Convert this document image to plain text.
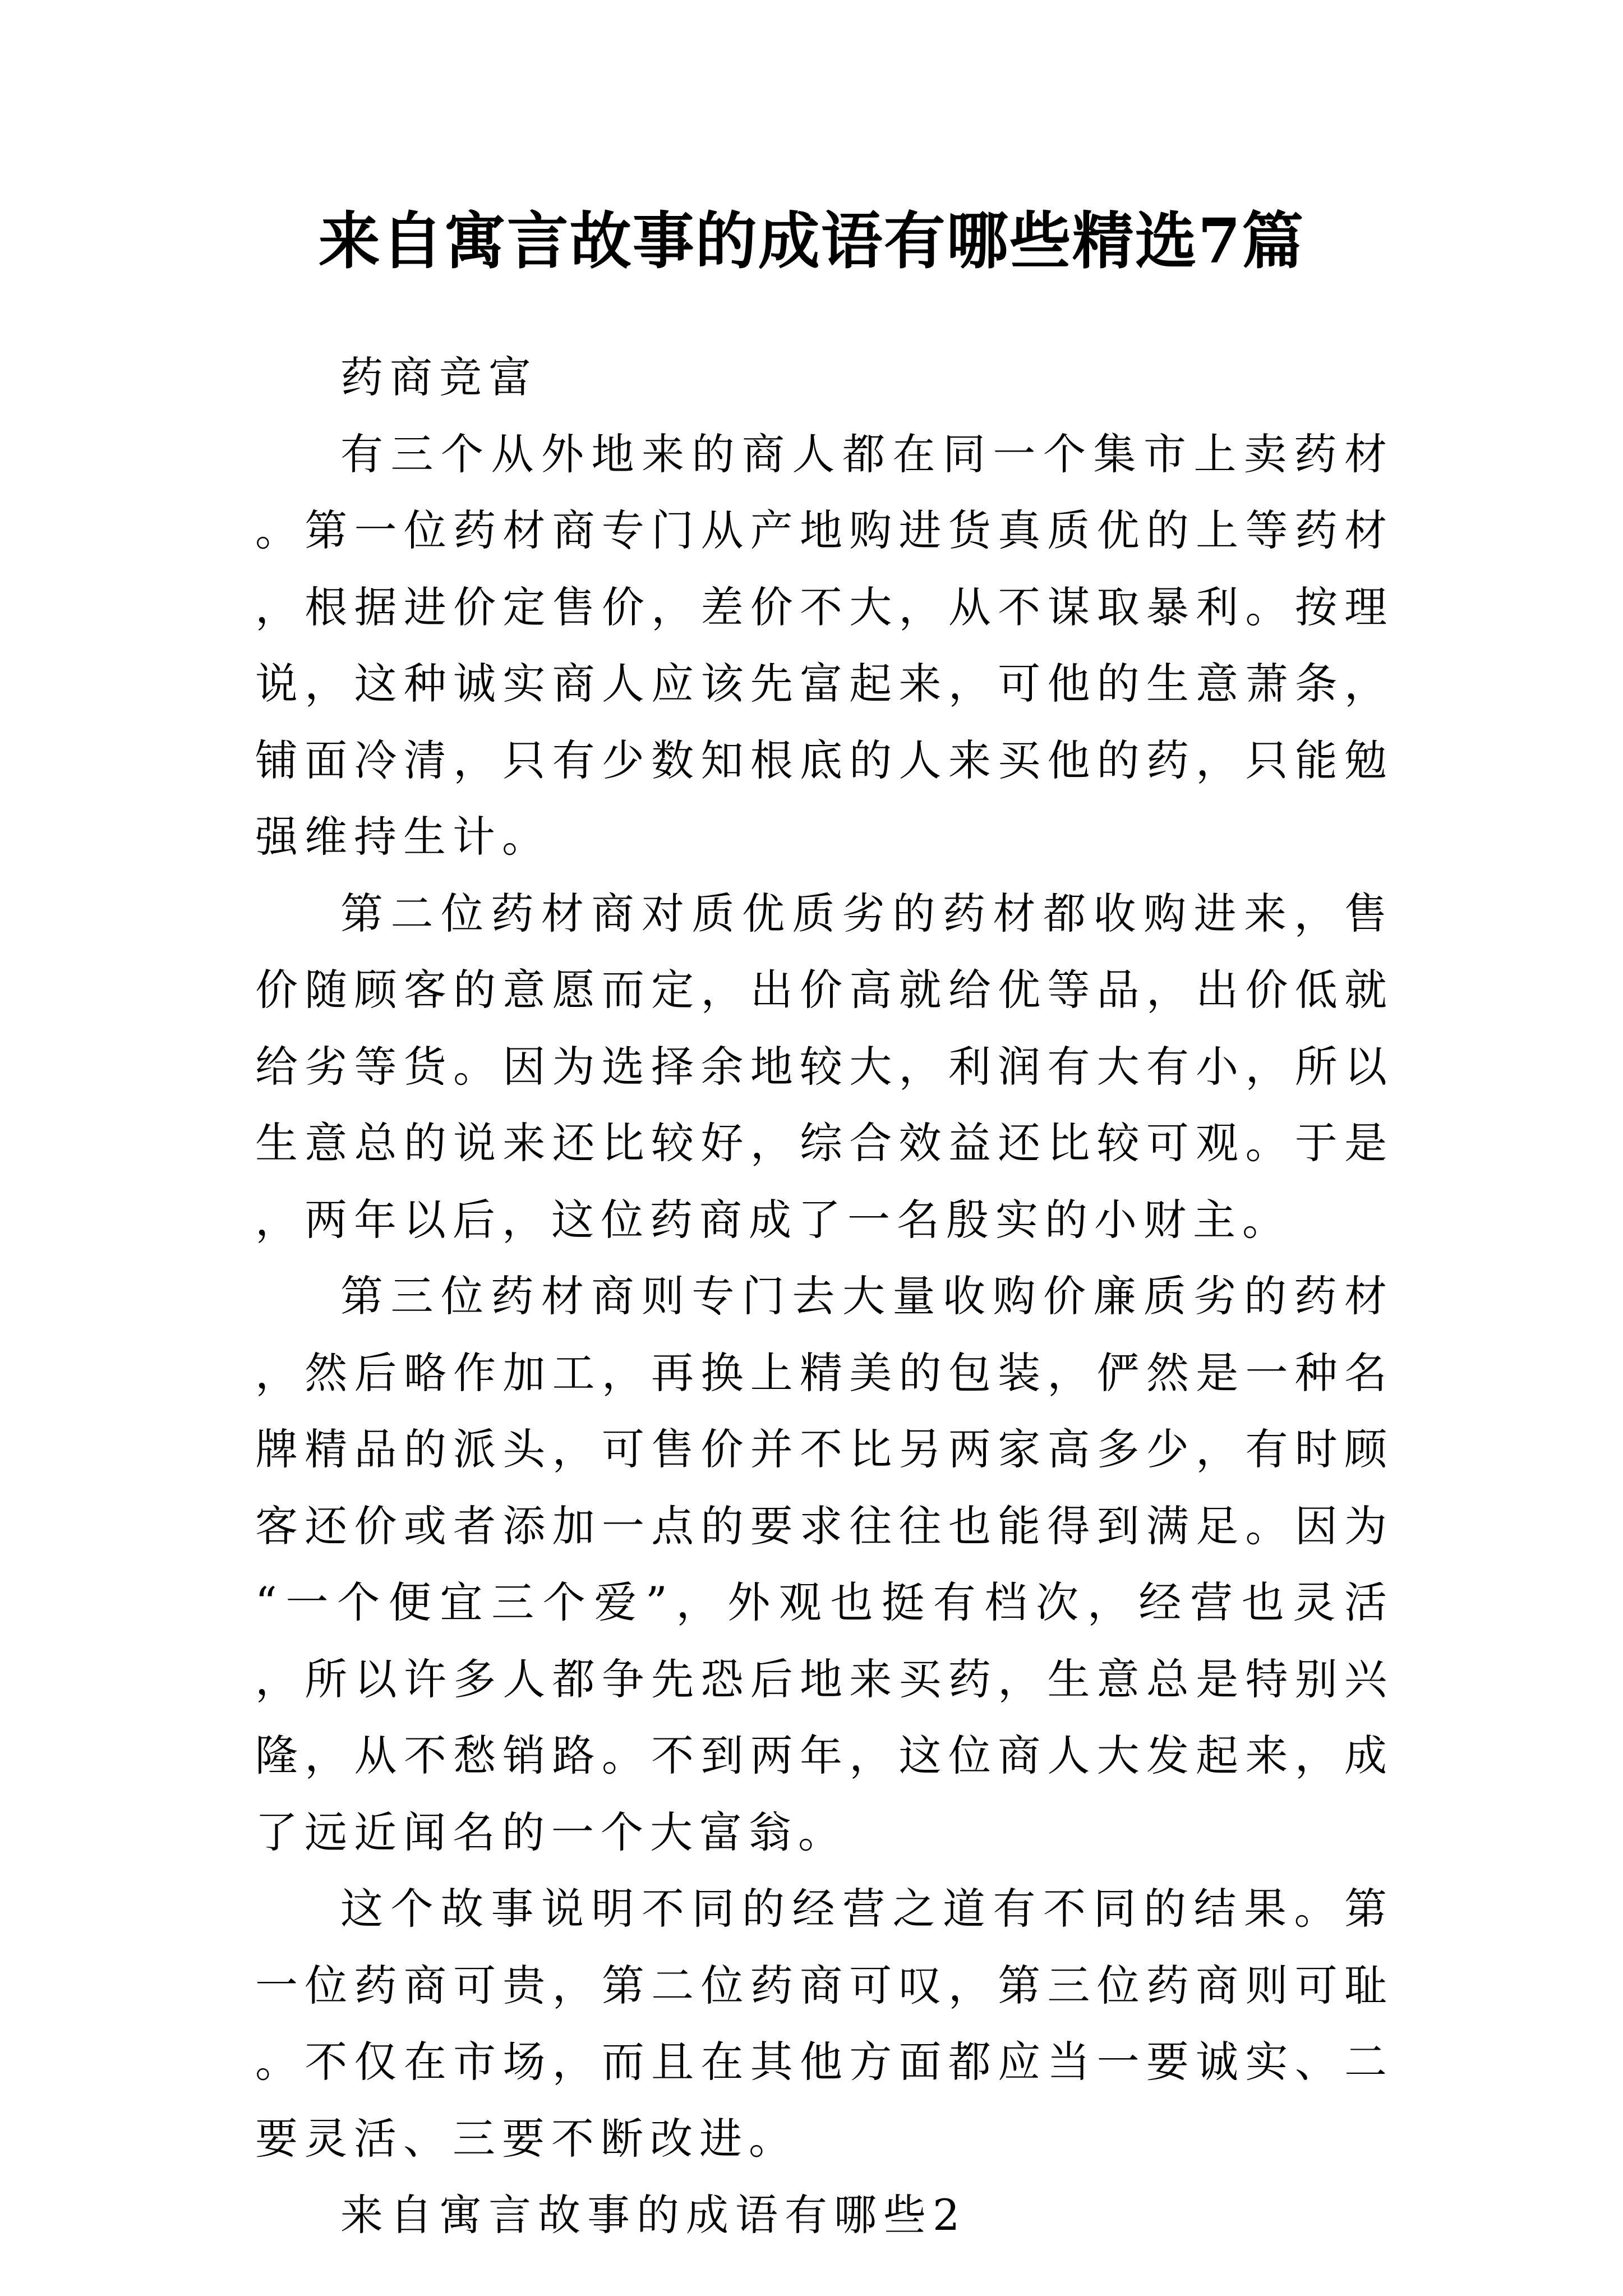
来自寓言故事的成语有哪些精选7篇

药商竞富

有三个从外地来的商人都在同一个集市上卖药材。第一位药材商专门从产地购进货真质优的上等药材，根据进价定售价，差价不大，从不谋取暴利。按理说，这种诚实商人应该先富起来，可他的生意萧条，铺面冷清，只有少数知根底的人来买他的药，只能勉强维持生计。

第二位药材商对质优质劣的药材都收购进来，售价随顾客的意愿而定，出价高就给优等品，出价低就给劣等货。因为选择余地较大，利润有大有小，所以生意总的说来还比较好，综合效益还比较可观。于是，两年以后，这位药商成了一名殷实的小财主。

第三位药材商则专门去大量收购价廉质劣的药材，然后略作加工，再换上精美的包装，俨然是一种名牌精品的派头，可售价并不比另两家高多少，有时顾客还价或者添加一点的要求往往也能得到满足。因为“一个便宜三个爱”，外观也挺有档次，经营也灵活，所以许多人都争先恐后地来买药，生意总是特别兴隆，从不愁销路。不到两年，这位商人大发起来，成了远近闻名的一个大富翁。

这个故事说明不同的经营之道有不同的结果。第一位药商可贵，第二位药商可叹，第三位药商则可耻。不仅在市场，而且在其他方面都应当一要诚实、二要灵活、三要不断改进。

来自寓言故事的成语有哪些2
